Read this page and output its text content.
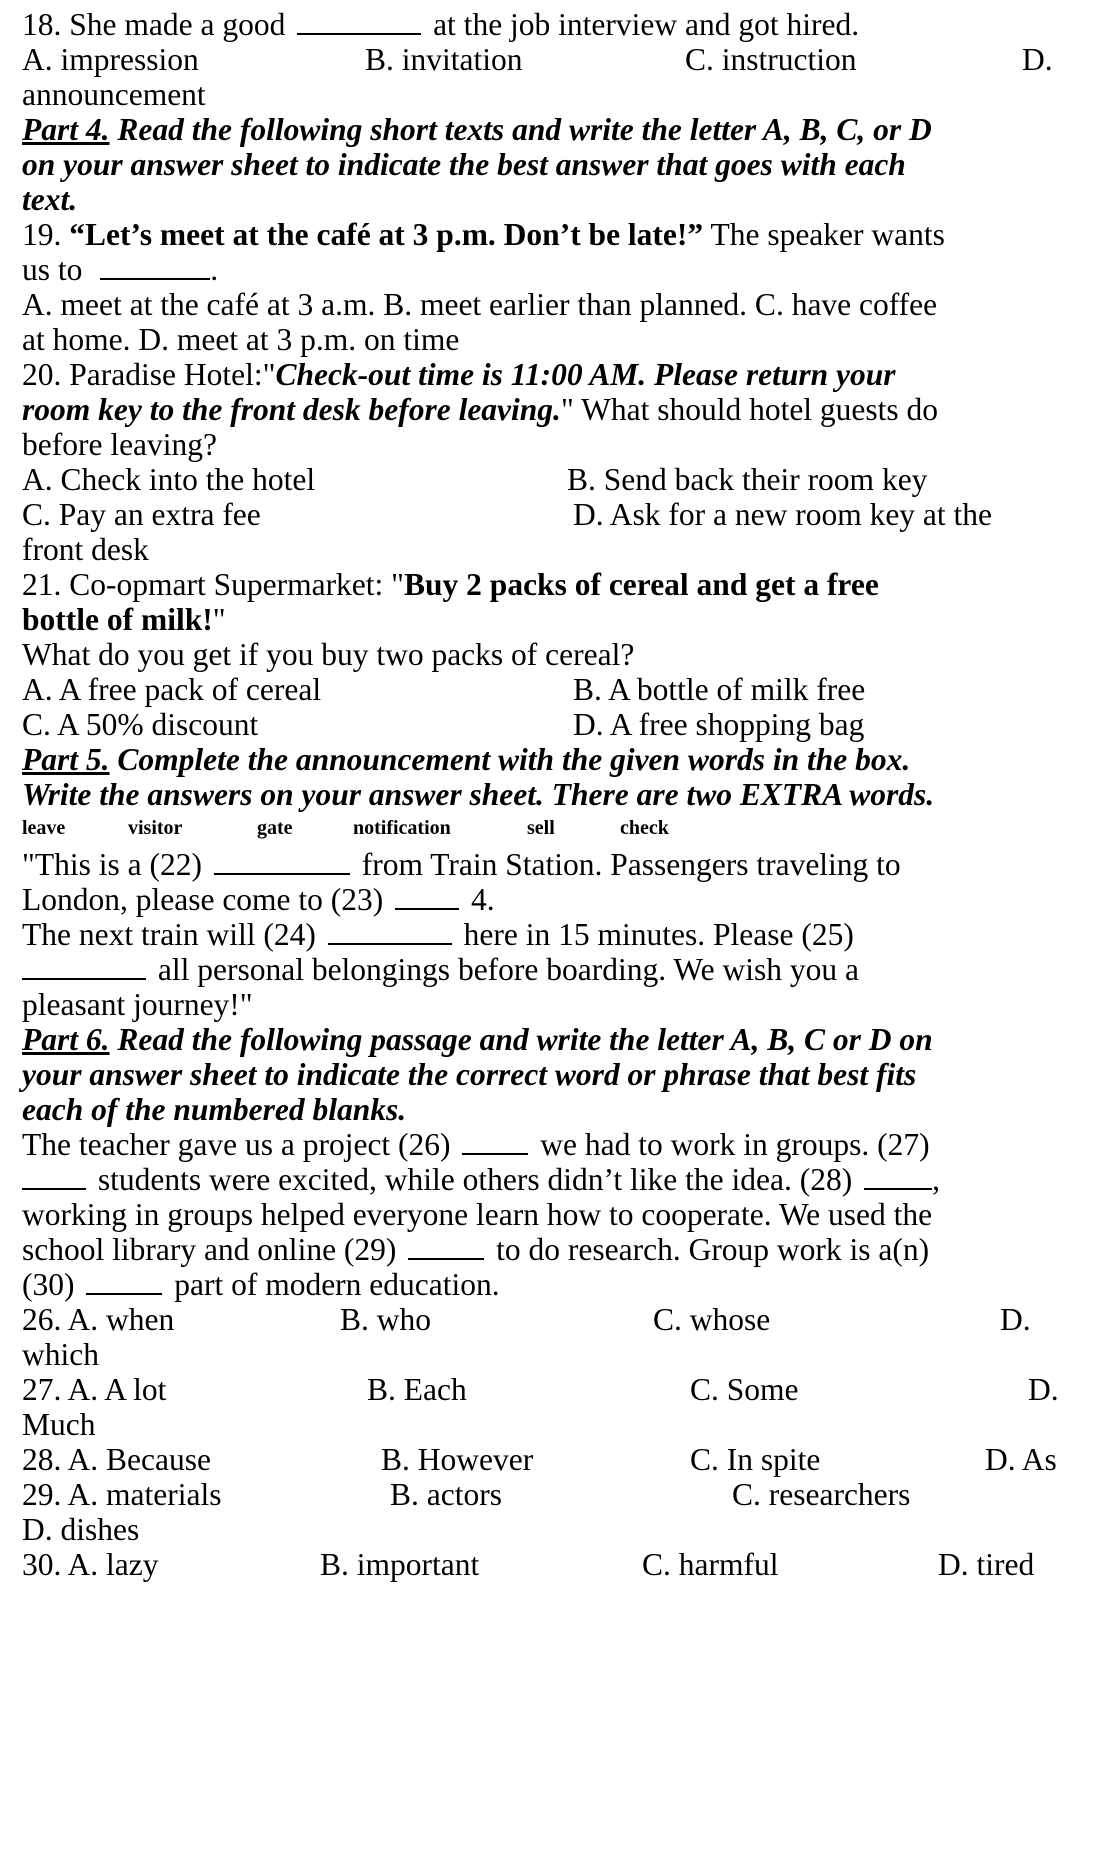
18. She made a good	at the job interview and got hired.
A. impression	B. invitation	C. instruction	D.
announcement
Part 4. Read the following short texts and write the letter A, B, C, or D
on your answer sheet to indicate the best answer that goes with each
text.
19. “Let’s meet at the café at 3 p.m. Don’t be late!” The speaker wants
us to	.
A. meet at the café at 3 a.m. B. meet earlier than planned. C. have coffee
at home. D. meet at 3 p.m. on time
20. Paradise Hotel:"Check-out time is 11:00 AM. Please return your
room key to the front desk before leaving." What should hotel guests do
before leaving?
A. Check into the hotel	B. Send back their room key
C. Pay an extra fee	D. Ask for a new room key at the
front desk
21. Co-opmart Supermarket: "Buy 2 packs of cereal and get a free
bottle of milk!"
What do you get if you buy two packs of cereal?
A. A free pack of cereal	B. A bottle of milk free
C. A 50% discount	D. A free shopping bag
Part 5. Complete the announcement with the given words in the box.
Write the answers on your answer sheet. There are two EXTRA words.
leave	visitor	gate	notification	sell	check
"This is a (22)	from Train Station. Passengers traveling to
London, please come to (23)	4.
The next train will (24)	here in 15 minutes. Please (25)
all personal belongings before boarding. We wish you a
pleasant journey!"
Part 6. Read the following passage and write the letter A, B, C or D on
your answer sheet to indicate the correct word or phrase that best fits
each of the numbered blanks.
The teacher gave us a project (26)	we had to work in groups. (27)
students were excited, while others didn’t like the idea. (28)	,
working in groups helped everyone learn how to cooperate. We used the
school library and online (29)	to do research. Group work is a(n)
(30)	part of modern education.
26. A. when	B. who	C. whose	D.
which
27. A. A lot	B. Each	C. Some	D.
Much
28. A. Because	B. However	C. In spite	D. As
29. A. materials	B. actors	C. researchers
D. dishes
30. A. lazy	B. important	C. harmful	D. tired
